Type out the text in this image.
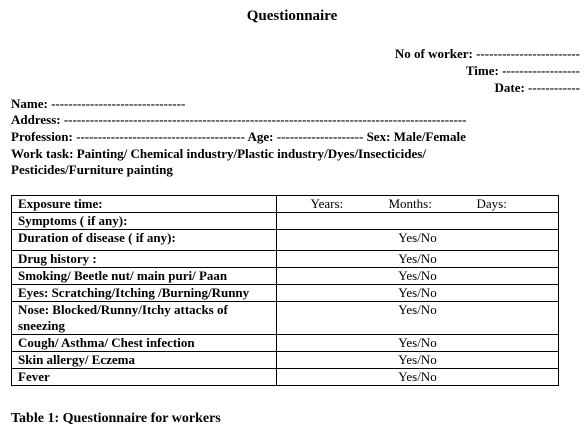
Questionnaire
No of worker: ------------------------
Time: ------------------
Date: ------------
Name: -------------------------------
Address: ---------------------------------------------------------------------------------------------
Profession: --------------------------------------- Age: -------------------- Sex: Male/Female
Work task: Painting/ Chemical industry/Plastic industry/Dyes/Insecticides/
Pesticides/Furniture painting
Exposure time:	Years: Months: Days:
Symptoms ( if any):	
Duration of disease ( if any):	Yes/No
Drug history :	Yes/No
Smoking/ Beetle nut/ main puri/ Paan	Yes/No
Eyes: Scratching/Itching /Burning/Runny	Yes/No
Nose: Blocked/Runny/Itchy attacks of sneezing	Yes/No
Cough/ Asthma/ Chest infection	Yes/No
Skin allergy/ Eczema	Yes/No
Fever	Yes/No
Table 1: Questionnaire for workers
